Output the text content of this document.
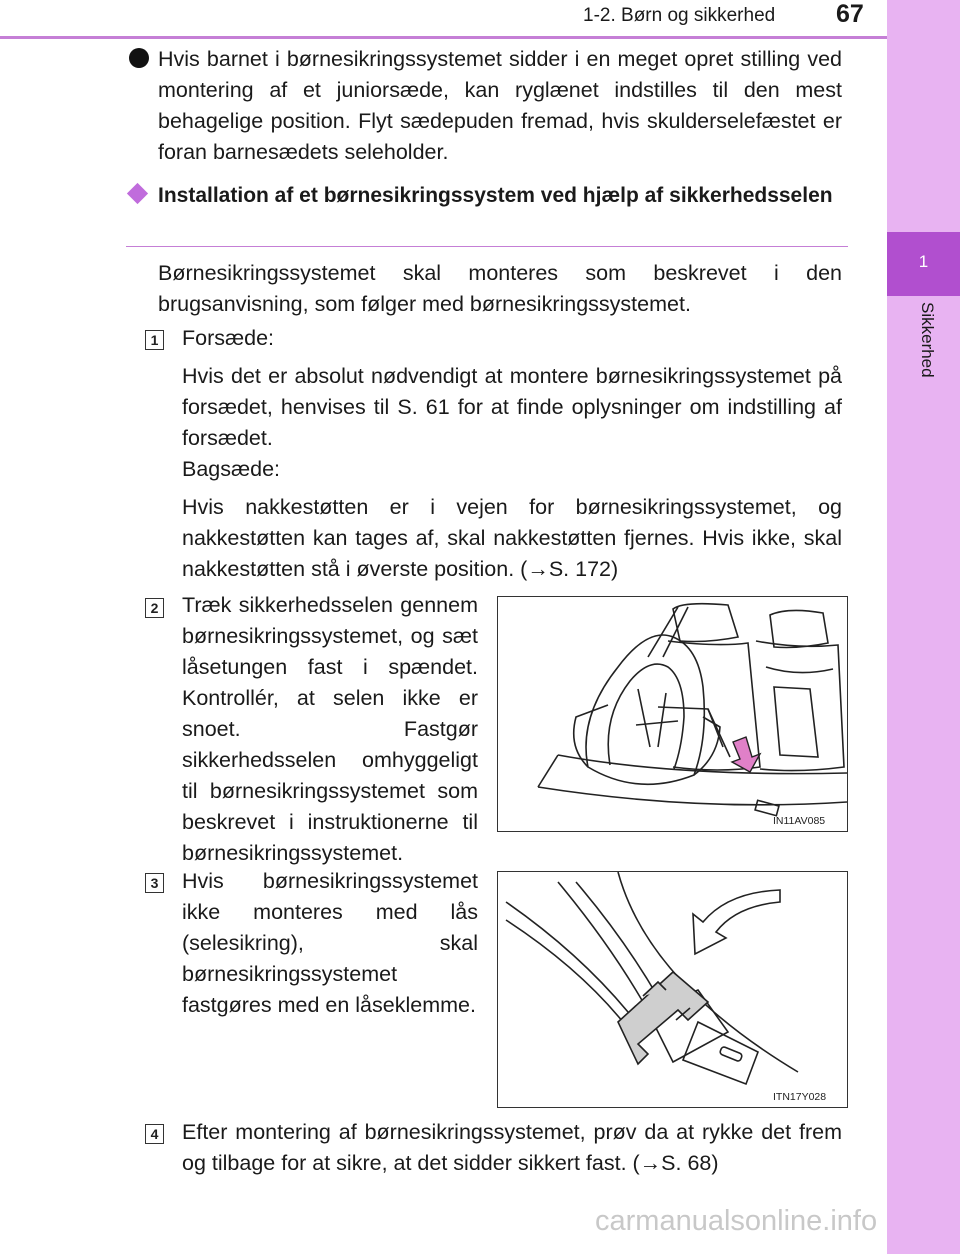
1-2. Børn og sikkerhed 67
1
Sikkerhed

Hvis barnet i børnesikringssystemet sidder i en meget opret stilling ved montering af et juniorsæde, kan ryglænet indstilles til den mest behagelige position. Flyt sædepuden fremad, hvis skulderselefæstet er foran barnesædets seleholder.

Installation af et børnesikringssystem ved hjælp af sikkerhedsselen

Børnesikringssystemet skal monteres som beskrevet i den brugsanvisning, som følger med børnesikringssystemet.

1 Forsæde:

Hvis det er absolut nødvendigt at montere børnesikringssystemet på forsædet, henvises til S. 61 for at finde oplysninger om indstilling af forsædet.

Bagsæde:

Hvis nakkestøtten er i vejen for børnesikringssystemet, og nakkestøtten kan tages af, skal nakkestøtten fjernes. Hvis ikke, skal nakkestøtten stå i øverste position. (→S. 172)

2 Træk sikkerhedsselen gennem børnesikringssystemet, og sæt låsetungen fast i spændet. Kontrollér, at selen ikke er snoet. Fastgør sikkerhedsselen omhyggeligt til børnesikringssystemet som beskrevet i instruktionerne til børnesikringssystemet.

IN11AV085
3 Hvis børnesikringssystemet ikke monteres med lås (selesikring), skal børnesikringssystemet fastgøres med en låseklemme.

ITN17Y028
4 Efter montering af børnesikringssystemet, prøv da at rykke det frem og tilbage for at sikre, at det sidder sikkert fast. (→S. 68)

carmanualsonline.info
